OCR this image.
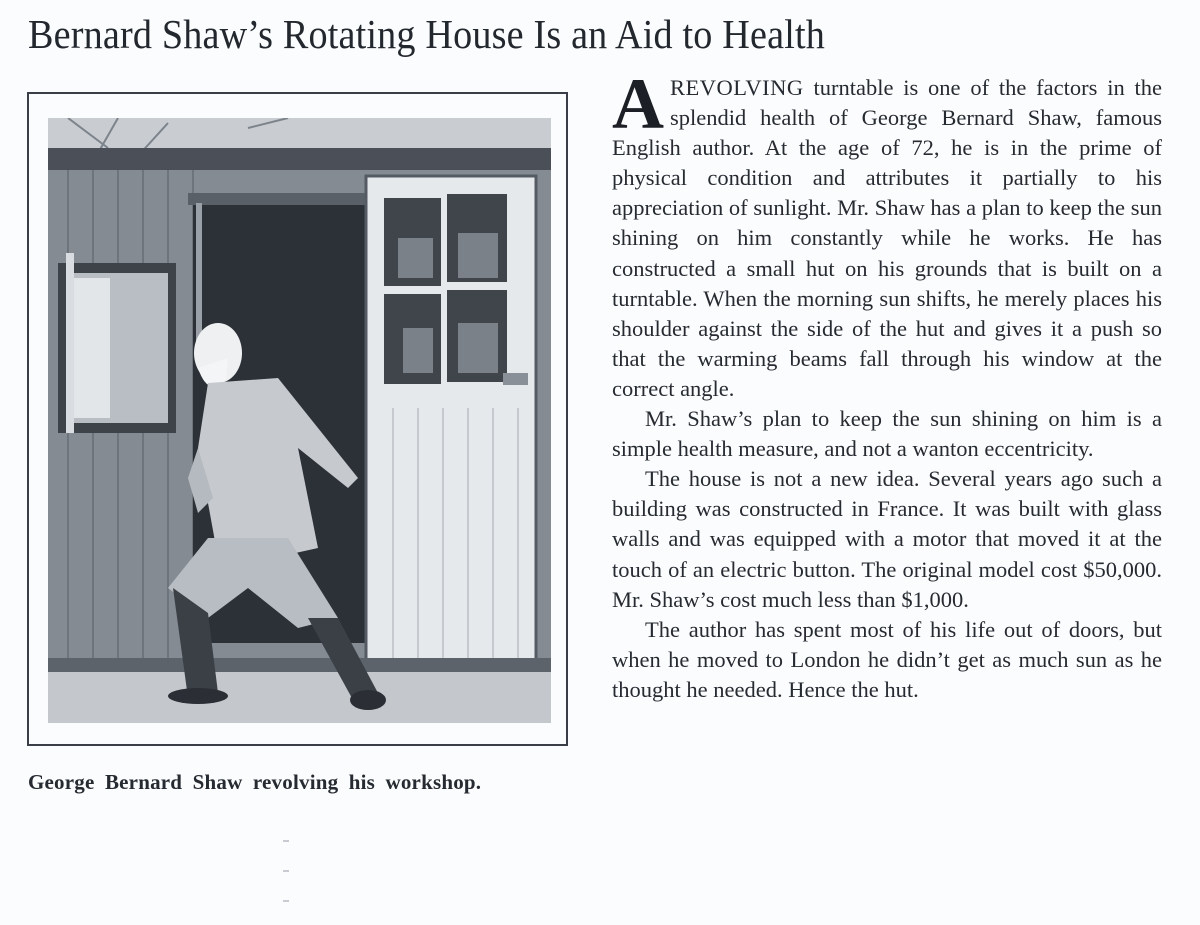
Bernard Shaw’s Rotating House Is an Aid to Health
George Bernard Shaw revolving his workshop.

AREVOLVING turntable is one of the factors in the splendid health of George Bernard Shaw, famous English author. At the age of 72, he is in the prime of physical condition and attributes it partially to his appreciation of sunlight. Mr. Shaw has a plan to keep the sun shining on him constantly while he works. He has constructed a small hut on his grounds that is built on a turntable. When the morning sun shifts, he merely places his shoulder against the side of the hut and gives it a push so that the warming beams fall through his window at the correct angle.

Mr. Shaw’s plan to keep the sun shining on him is a simple health measure, and not a wanton eccentricity.

The house is not a new idea. Several years ago such a building was constructed in France. It was built with glass walls and was equipped with a motor that moved it at the touch of an electric button. The original model cost $50,000. Mr. Shaw’s cost much less than $1,000.

The author has spent most of his life out of doors, but when he moved to London he didn’t get as much sun as he thought he needed. Hence the hut.
